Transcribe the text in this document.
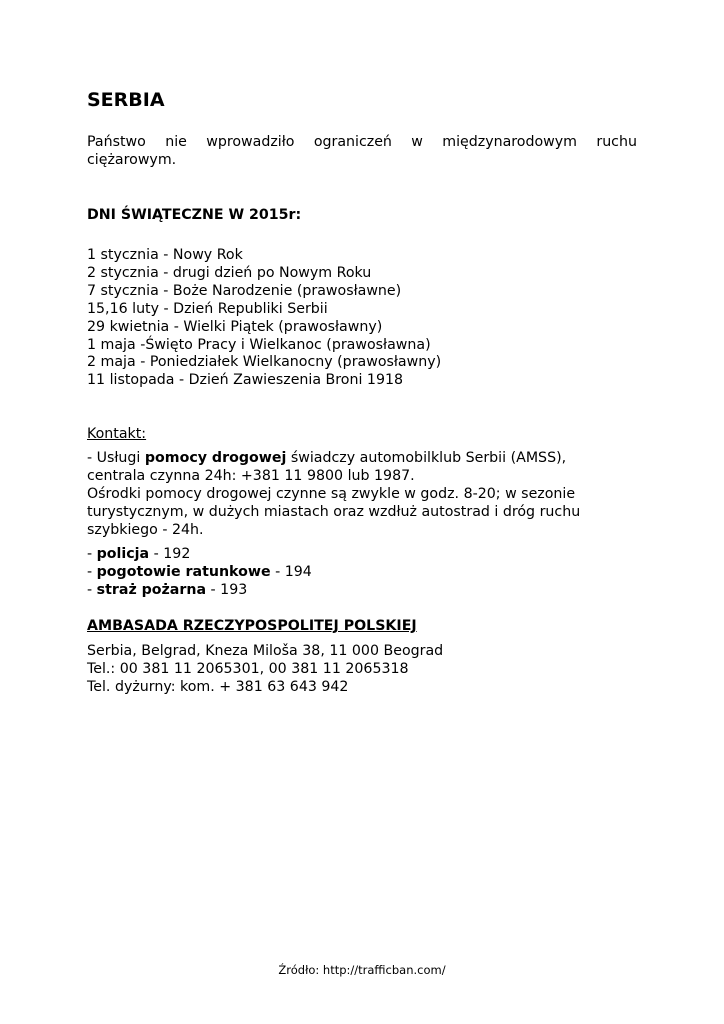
SERBIA
Państwo nie wprowadziło ograniczeń w międzynarodowym ruchu
ciężarowym.
DNI ŚWIĄTECZNE W 2015r:
1 stycznia - Nowy Rok
2 stycznia - drugi dzień po Nowym Roku
7 stycznia - Boże Narodzenie (prawosławne)
15,16 luty - Dzień Republiki Serbii
29 kwietnia - Wielki Piątek (prawosławny)
1 maja -Święto Pracy i Wielkanoc (prawosławna)
2 maja - Poniedziałek Wielkanocny (prawosławny)
11 listopada - Dzień Zawieszenia Broni 1918
Kontakt:
- Usługi pomocy drogowej świadczy automobilklub Serbii (AMSS),
centrala czynna 24h: +381 11 9800 lub 1987.
Ośrodki pomocy drogowej czynne są zwykle w godz. 8-20; w sezonie
turystycznym, w dużych miastach oraz wzdłuż autostrad i dróg ruchu
szybkiego - 24h.
- policja - 192
- pogotowie ratunkowe - 194
- straż pożarna - 193
AMBASADA RZECZYPOSPOLITEJ POLSKIEJ
Serbia, Belgrad, Kneza Miloša 38, 11 000 Beograd
Tel.: 00 381 11 2065301, 00 381 11 2065318
Tel. dyżurny: kom. + 381 63 643 942
Źródło: http://trafficban.com/
